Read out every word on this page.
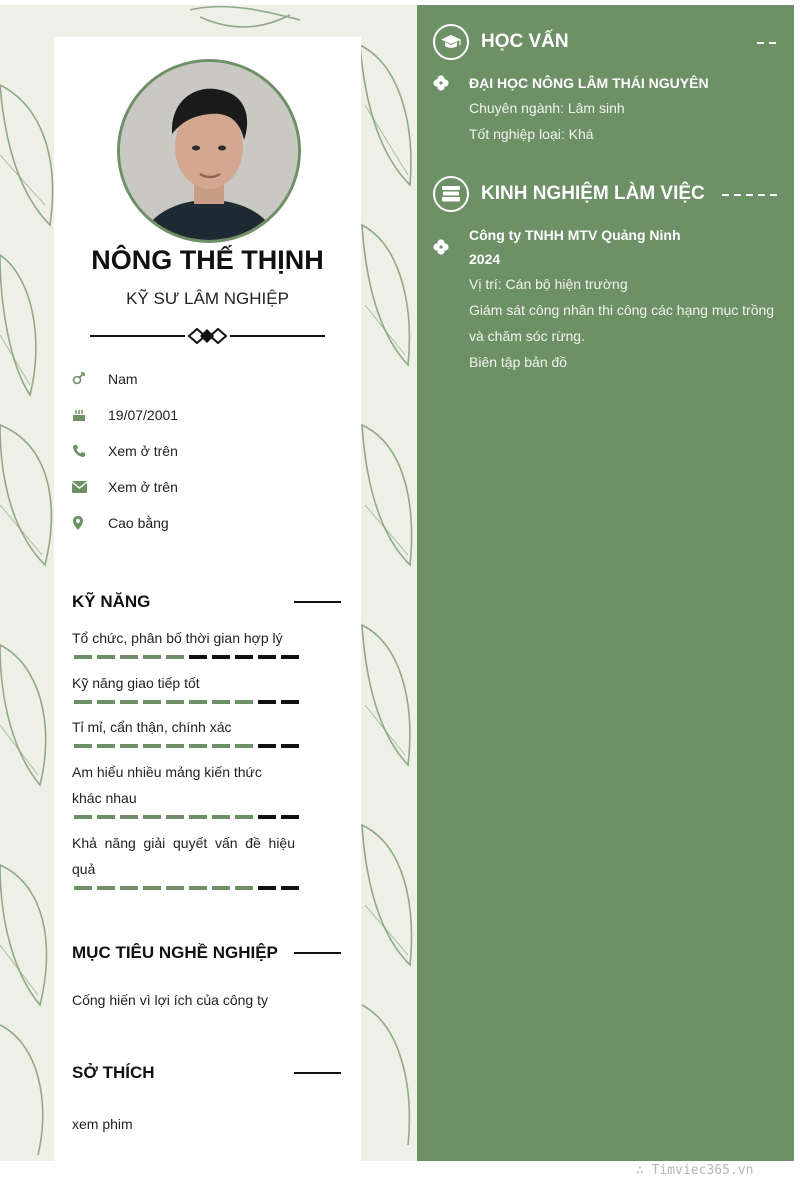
NÔNG THẾ THỊNH
KỸ SƯ LÂM NGHIỆP
Nam
19/07/2001
Xem ở trên
Xem ở trên
Cao bằng
KỸ NĂNG
Tổ chức, phân bố thời gian hợp lý
Kỹ năng giao tiếp tốt
Tỉ mỉ, cẩn thận, chính xác
Am hiểu nhiều mảng kiến thức khác nhau
Khả năng giải quyết vấn đề hiệu quả
MỤC TIÊU NGHỀ NGHIỆP
Cống hiến vì lợi ích của công ty
SỞ THÍCH
xem phim
HỌC VẤN
ĐẠI HỌC NÔNG LÂM THÁI NGUYÊN
Chuyên ngành: Lâm sinh
Tốt nghiệp loại: Khá
KINH NGHIỆM LÀM VIỆC
Công ty TNHH MTV Quảng Ninh
2024
Vị trí: Cán bộ hiện trường
Giám sát công nhân thi công các hạng mục trồng
và chăm sóc rừng.
Biên tập bản đồ
∴ Timviec365.vn
